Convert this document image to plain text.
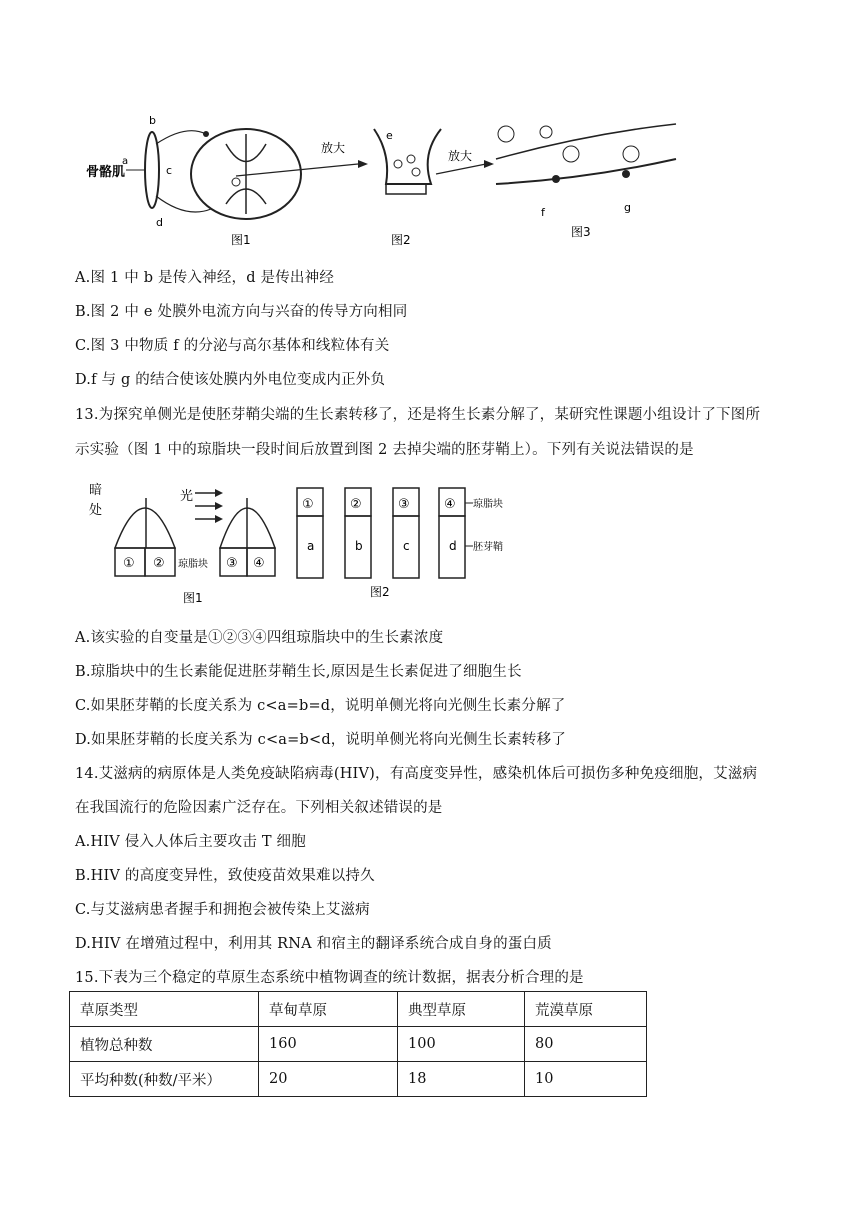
骨骼肌
a
b
c
d
放大
e
放大
f	g
图1	图2
图3
A.图 1 中 b 是传入神经，d 是传出神经
B.图 2 中 e 处膜外电流方向与兴奋的传导方向相同
C.图 3 中物质 f 的分泌与高尔基体和线粒体有关
D.f 与 g 的结合使该处膜内外电位变成内正外负
13.为探究单侧光是使胚芽鞘尖端的生长素转移了，还是将生长素分解了，某研究性课题小组设计了下图所
示实验（图 1 中的琼脂块一段时间后放置到图 2 去掉尖端的胚芽鞘上）。下列有关说法错误的是
暗
处
① ② 琼脂块
光
③ ④
①
a
②
b
③
c
④
d
琼脂块
胚芽鞘
图1	图2
A.该实验的自变量是①②③④四组琼脂块中的生长素浓度
B.琼脂块中的生长素能促进胚芽鞘生长,原因是生长素促进了细胞生长
C.如果胚芽鞘的长度关系为 c<a=b=d，说明单侧光将向光侧生长素分解了
D.如果胚芽鞘的长度关系为 c<a=b<d，说明单侧光将向光侧生长素转移了
14.艾滋病的病原体是人类免疫缺陷病毒(HIV)，有高度变异性，感染机体后可损伤多种免疫细胞，艾滋病
在我国流行的危险因素广泛存在。下列相关叙述错误的是
A.HIV 侵入人体后主要攻击 T 细胞
B.HIV 的高度变异性，致使疫苗效果难以持久
C.与艾滋病患者握手和拥抱会被传染上艾滋病
D.HIV 在增殖过程中，利用其 RNA 和宿主的翻译系统合成自身的蛋白质
15.下表为三个稳定的草原生态系统中植物调查的统计数据，据表分析合理的是
草原类型	草甸草原	典型草原	荒漠草原
植物总种数	160	100	80
平均种数(种数/平米）	20	18	10
